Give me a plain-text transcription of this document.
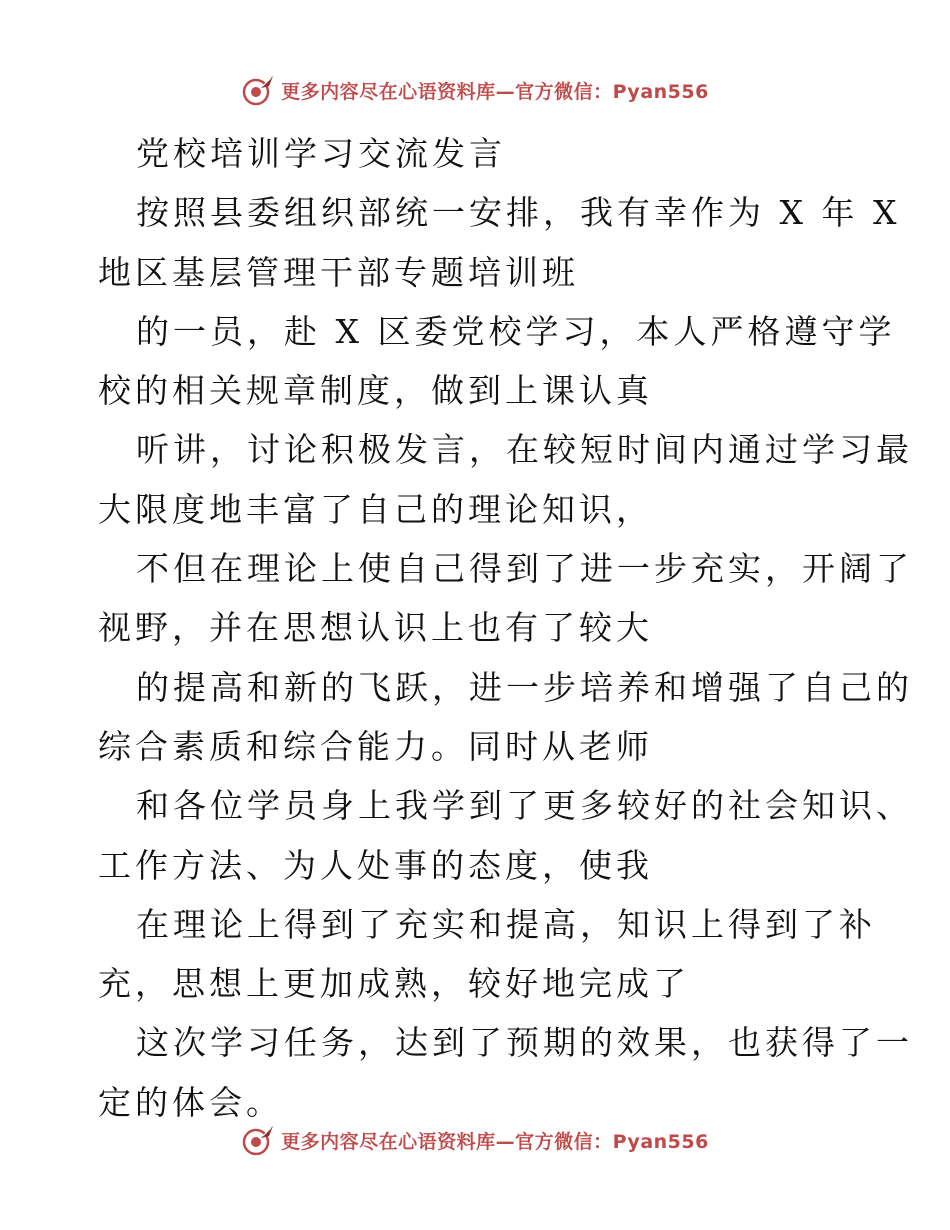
更多内容尽在心语资料库—官方微信：Pyan556
党校培训学习交流发言
按照县委组织部统一安排，我有幸作为 X 年 X
地区基层管理干部专题培训班
的一员，赴 X 区委党校学习，本人严格遵守学
校的相关规章制度，做到上课认真
听讲，讨论积极发言，在较短时间内通过学习最
大限度地丰富了自己的理论知识，
不但在理论上使自己得到了进一步充实，开阔了
视野，并在思想认识上也有了较大
的提高和新的飞跃，进一步培养和增强了自己的
综合素质和综合能力。同时从老师
和各位学员身上我学到了更多较好的社会知识、
工作方法、为人处事的态度，使我
在理论上得到了充实和提高，知识上得到了补
充，思想上更加成熟，较好地完成了
这次学习任务，达到了预期的效果，也获得了一
定的体会。
更多内容尽在心语资料库—官方微信：Pyan556
